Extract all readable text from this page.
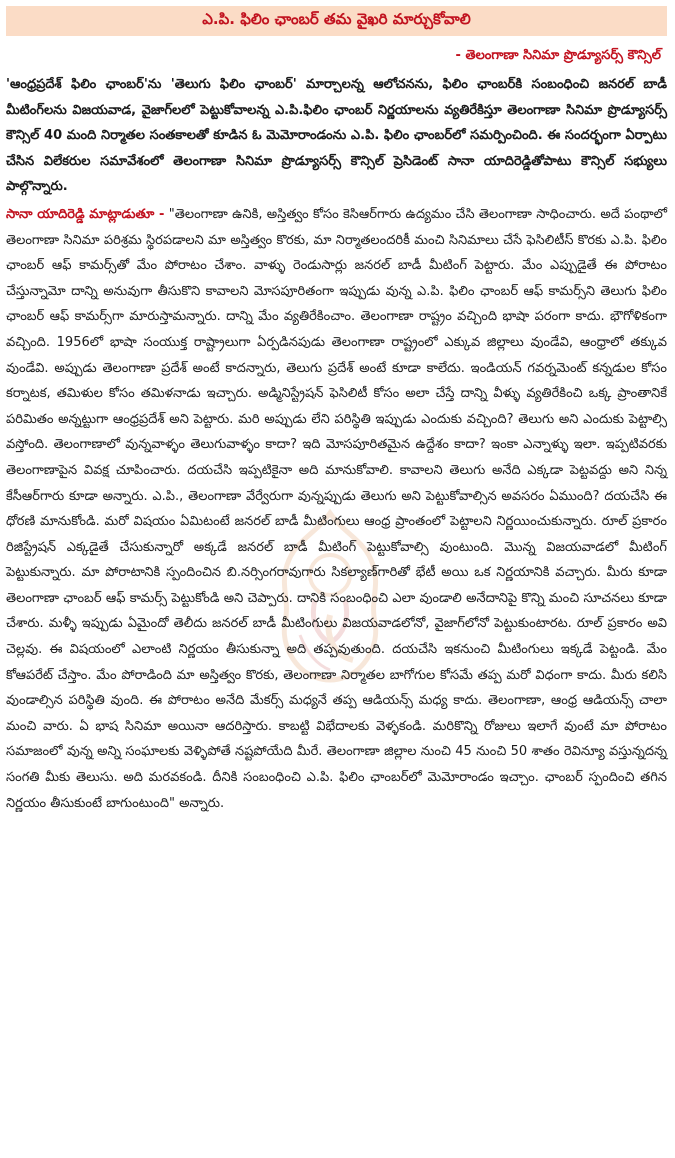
ఎ.పి. ఫిలిం ఛాంబర్ తమ వైఖరి మార్చుకోవాలి
- తెలంగాణా సినిమా ప్రొడ్యూసర్స్ కౌన్సిల్

'ఆంధ్రప్రదేశ్ ఫిలిం ఛాంబర్'ను 'తెలుగు ఫిలిం ఛాంబర్' మార్చాలన్న ఆలోచనను, ఫిలిం ఛాంబర్‌కి సంబంధించి జనరల్ బాడీ మీటింగ్‌లను విజయవాడ, వైజాగ్‌లలో పెట్టుకోవాలన్న ఎ.పి.ఫిలిం ఛాంబర్ నిర్ణయాలను వ్యతిరేకిస్తూ తెలంగాణా సినిమా ప్రొడ్యూసర్స్ కౌన్సిల్ 40 మంది నిర్మాతల సంతకాలతో కూడిన ఓ మెమోరాండంను ఎ.పి. ఫిలిం ఛాంబర్‌లో సమర్పించింది. ఈ సందర్భంగా ఏర్పాటు చేసిన విలేకరుల సమావేశంలో తెలంగాణా సినిమా ప్రొడ్యూసర్స్ కౌన్సిల్ ప్రెసిడెంట్ సానా యాదిరెడ్డితోపాటు కౌన్సిల్ సభ్యులు పాల్గొన్నారు.

సానా యాదిరెడ్డి మాట్లాడుతూ - "తెలంగాణా ఉనికి, అస్తిత్వం కోసం కెసిఆర్‌గారు ఉద్యమం చేసి తెలంగాణా సాధించారు. అదే పంథాలో తెలంగాణా సినిమా పరిశ్రమ స్థిరపడాలని మా అస్తిత్వం కొరకు, మా నిర్మాతలందరికీ మంచి సినిమాలు చేసే ఫెసిలిటీస్ కొరకు ఎ.పి. ఫిలిం ఛాంబర్ ఆఫ్ కామర్స్‌తో మేం పోరాటం చేశాం. వాళ్ళు రెండుసార్లు జనరల్ బాడీ మీటింగ్ పెట్టారు. మేం ఎప్పుడైతే ఈ పోరాటం చేస్తున్నామో దాన్ని అనువుగా తీసుకొని కావాలని మోసపూరితంగా ఇప్పుడు వున్న ఎ.పి. ఫిలిం ఛాంబర్ ఆఫ్ కామర్స్‌ని తెలుగు ఫిలిం ఛాంబర్ ఆఫ్ కామర్స్‌గా మారుస్తామన్నారు. దాన్ని మేం వ్యతిరేకించాం. తెలంగాణా రాష్ట్రం వచ్చింది భాషా పరంగా కాదు. భౌగోళికంగా వచ్చింది. 1956లో భాషా సంయుక్త రాష్ట్రాలుగా ఏర్పడినపుడు తెలంగాణా రాష్ట్రంలో ఎక్కువ జిల్లాలు వుండేవి, ఆంధ్రాలో తక్కువ వుండేవి. అప్పుడు తెలంగాణా ప్రదేశ్ అంటే కాదన్నారు, తెలుగు ప్రదేశ్ అంటే కూడా కాలేదు. ఇండియన్ గవర్నమెంట్ కన్నడుల కోసం కర్నాటక, తమిళుల కోసం తమిళనాడు ఇచ్చారు. అడ్మినిస్ట్రేషన్ ఫెసిలిటీ కోసం అలా చేస్తే దాన్ని వీళ్ళు వ్యతిరేకించి ఒక్క ప్రాంతానికే పరిమితం అన్నట్టుగా ఆంధ్రప్రదేశ్ అని పెట్టారు. మరి అప్పుడు లేని పరిస్థితి ఇప్పుడు ఎందుకు వచ్చింది? తెలుగు అని ఎందుకు పెట్టాల్సి వస్తోంది. తెలంగాణాలో వున్నవాళ్ళం తెలుగువాళ్ళం కాదా? ఇది మోసపూరితమైన ఉద్దేశం కాదా? ఇంకా ఎన్నాళ్ళు ఇలా. ఇప్పటివరకు తెలంగాణాపైన వివక్ష చూపించారు. దయచేసి ఇప్పటికైనా అది మానుకోవాలి. కావాలని తెలుగు అనేది ఎక్కడా పెట్టవద్దు అని నిన్న కేసీఆర్‌గారు కూడా అన్నారు. ఎ.పి., తెలంగాణా వేర్వేరుగా వున్నప్పుడు తెలుగు అని పెట్టుకోవాల్సిన అవసరం ఏముంది? దయచేసి ఈ ధోరణి మానుకోండి. మరో విషయం ఏమిటంటే జనరల్ బాడీ మీటింగులు ఆంధ్ర ప్రాంతంలో పెట్టాలని నిర్ణయించుకున్నారు. రూల్ ప్రకారం రిజిస్ట్రేషన్ ఎక్కడైతే చేసుకున్నారో అక్కడే జనరల్ బాడీ మీటింగ్ పెట్టుకోవాల్సి వుంటుంది. మొన్న విజయవాడలో మీటింగ్ పెట్టుకున్నారు. మా పోరాటానికి స్పందించిన బి.నర్సింగరావుగారు సికల్యాణ్‌గారితో భేటీ అయి ఒక నిర్ణయానికి వచ్చారు. మీరు కూడా తెలంగాణా ఛాంబర్ ఆఫ్ కామర్స్ పెట్టుకోండి అని చెప్పారు. దానికి సంబంధించి ఎలా వుండాలి అనేదానిపై కొన్ని మంచి సూచనలు కూడా చేశారు. మళ్ళీ ఇప్పుడు ఏమైందో తెలీదు జనరల్ బాడీ మీటింగులు విజయవాడలోనో, వైజాగ్‌లోనో పెట్టుకుంటారట. రూల్ ప్రకారం అవి చెల్లవు. ఈ విషయంలో ఎలాంటి నిర్ణయం తీసుకున్నా అది తప్పవుతుంది. దయచేసి ఇకనుంచి మీటింగులు ఇక్కడే పెట్టండి. మేం కోఆపరేట్ చేస్తాం. మేం పోరాడింది మా అస్తిత్వం కొరకు, తెలంగాణా నిర్మాతల బాగోగుల కోసమే తప్ప మరో విధంగా కాదు. మీరు కలిసి వుండాల్సిన పరిస్థితి వుంది. ఈ పోరాటం అనేది మేకర్స్ మధ్యనే తప్ప ఆడియన్స్ మధ్య కాదు. తెలంగాణా, ఆంధ్ర ఆడియన్స్ చాలా మంచి వారు. ఏ భాష సినిమా అయినా ఆదరిస్తారు. కాబట్టి విభేదాలకు వెళ్ళకండి. మరికొన్ని రోజులు ఇలాగే వుంటే మా పోరాటం సమాజంలో వున్న అన్ని సంఘాలకు వెళ్ళిపోతే నష్టపోయేది మీరే. తెలంగాణా జిల్లాల నుంచి 45 నుంచి 50 శాతం రెవిన్యూ వస్తున్నదన్న సంగతి మీకు తెలుసు. అది మరవకండి. దీనికి సంబంధించి ఎ.పి. ఫిలిం ఛాంబర్‌లో మెమోరాండం ఇచ్చాం. ఛాంబర్ స్పందించి తగిన నిర్ణయం తీసుకుంటే బాగుంటుంది" అన్నారు.
